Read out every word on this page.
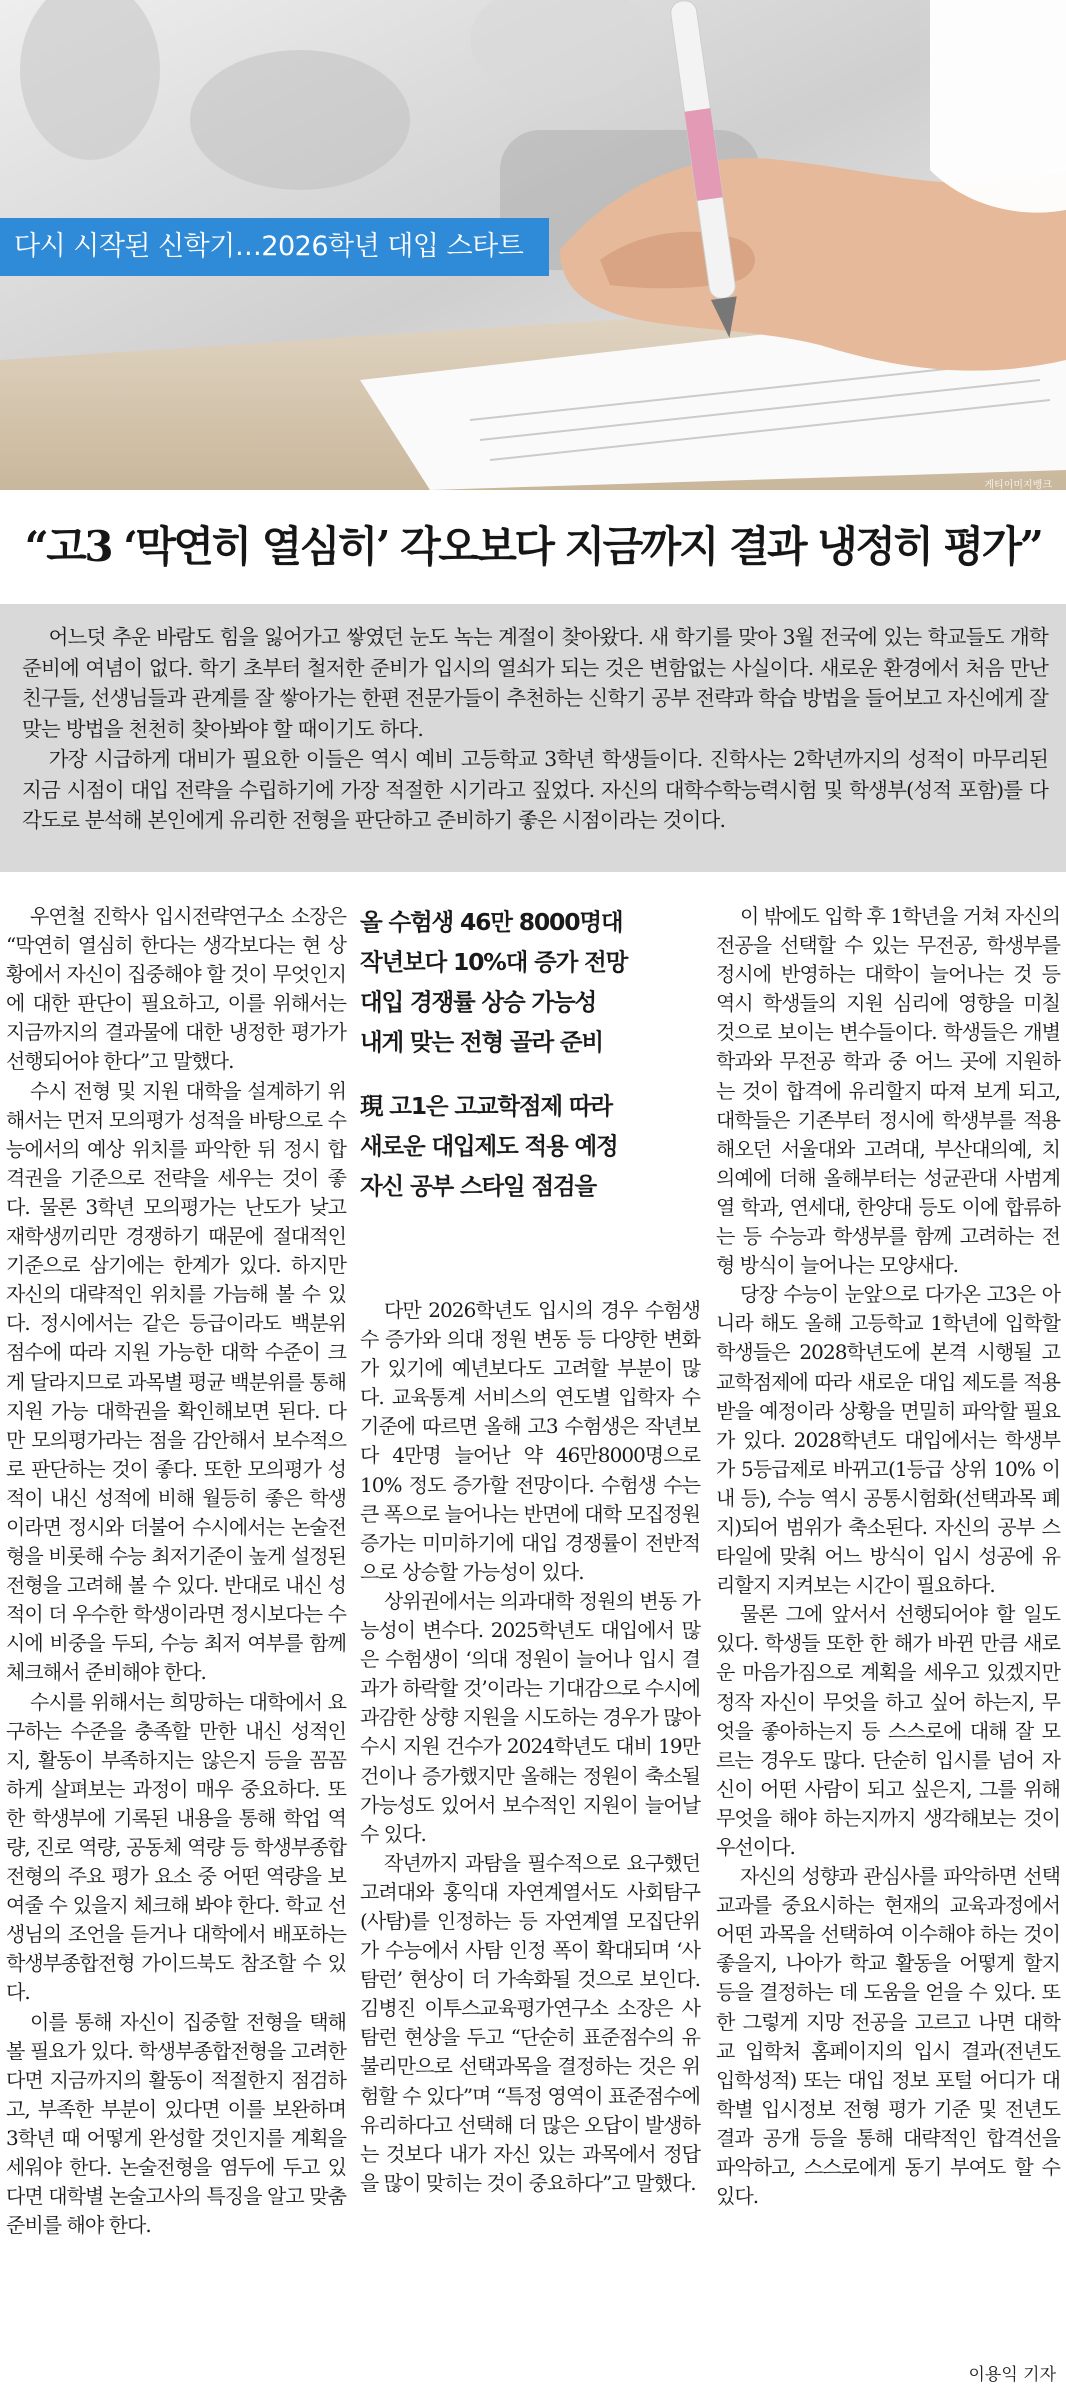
다시 시작된 신학기…2026학년 대입 스타트
게티이미지뱅크
“고3 ‘막연히 열심히’ 각오보다 지금까지 결과 냉정히 평가”

어느덧 추운 바람도 힘을 잃어가고 쌓였던 눈도 녹는 계절이 찾아왔다. 새 학기를 맞아 3월 전국에 있는 학교들도 개학 준비에 여념이 없다. 학기 초부터 철저한 준비가 입시의 열쇠가 되는 것은 변함없는 사실이다. 새로운 환경에서 처음 만난 친구들, 선생님들과 관계를 잘 쌓아가는 한편 전문가들이 추천하는 신학기 공부 전략과 학습 방법을 들어보고 자신에게 잘 맞는 방법을 천천히 찾아봐야 할 때이기도 하다.

가장 시급하게 대비가 필요한 이들은 역시 예비 고등학교 3학년 학생들이다. 진학사는 2학년까지의 성적이 마무리된 지금 시점이 대입 전략을 수립하기에 가장 적절한 시기라고 짚었다. 자신의 대학수학능력시험 및 학생부(성적 포함)를 다각도로 분석해 본인에게 유리한 전형을 판단하고 준비하기 좋은 시점이라는 것이다.

우연철 진학사 입시전략연구소 소장은 “막연히 열심히 한다는 생각보다는 현 상황에서 자신이 집중해야 할 것이 무엇인지에 대한 판단이 필요하고, 이를 위해서는 지금까지의 결과물에 대한 냉정한 평가가 선행되어야 한다”고 말했다.

수시 전형 및 지원 대학을 설계하기 위해서는 먼저 모의평가 성적을 바탕으로 수능에서의 예상 위치를 파악한 뒤 정시 합격권을 기준으로 전략을 세우는 것이 좋다. 물론 3학년 모의평가는 난도가 낮고 재학생끼리만 경쟁하기 때문에 절대적인 기준으로 삼기에는 한계가 있다. 하지만 자신의 대략적인 위치를 가늠해 볼 수 있다. 정시에서는 같은 등급이라도 백분위 점수에 따라 지원 가능한 대학 수준이 크게 달라지므로 과목별 평균 백분위를 통해 지원 가능 대학권을 확인해보면 된다. 다만 모의평가라는 점을 감안해서 보수적으로 판단하는 것이 좋다. 또한 모의평가 성적이 내신 성적에 비해 월등히 좋은 학생이라면 정시와 더불어 수시에서는 논술전형을 비롯해 수능 최저기준이 높게 설정된 전형을 고려해 볼 수 있다. 반대로 내신 성적이 더 우수한 학생이라면 정시보다는 수시에 비중을 두되, 수능 최저 여부를 함께 체크해서 준비해야 한다.

수시를 위해서는 희망하는 대학에서 요구하는 수준을 충족할 만한 내신 성적인지, 활동이 부족하지는 않은지 등을 꼼꼼하게 살펴보는 과정이 매우 중요하다. 또한 학생부에 기록된 내용을 통해 학업 역량, 진로 역량, 공동체 역량 등 학생부종합전형의 주요 평가 요소 중 어떤 역량을 보여줄 수 있을지 체크해 봐야 한다. 학교 선생님의 조언을 듣거나 대학에서 배포하는 학생부종합전형 가이드북도 참조할 수 있다.

이를 통해 자신이 집중할 전형을 택해 볼 필요가 있다. 학생부종합전형을 고려한다면 지금까지의 활동이 적절한지 점검하고, 부족한 부분이 있다면 이를 보완하며 3학년 때 어떻게 완성할 것인지를 계획을 세워야 한다. 논술전형을 염두에 두고 있다면 대학별 논술고사의 특징을 알고 맞춤 준비를 해야 한다.

올 수험생 46만 8000명대
작년보다 10%대 증가 전망
대입 경쟁률 상승 가능성
내게 맞는 전형 골라 준비
現 고1은 고교학점제 따라
새로운 대입제도 적용 예정
자신 공부 스타일 점검을

다만 2026학년도 입시의 경우 수험생 수 증가와 의대 정원 변동 등 다양한 변화가 있기에 예년보다도 고려할 부분이 많다. 교육통계 서비스의 연도별 입학자 수 기준에 따르면 올해 고3 수험생은 작년보다 4만명 늘어난 약 46만8000명으로 10% 정도 증가할 전망이다. 수험생 수는 큰 폭으로 늘어나는 반면에 대학 모집정원 증가는 미미하기에 대입 경쟁률이 전반적으로 상승할 가능성이 있다.

상위권에서는 의과대학 정원의 변동 가능성이 변수다. 2025학년도 대입에서 많은 수험생이 ‘의대 정원이 늘어나 입시 결과가 하락할 것’이라는 기대감으로 수시에 과감한 상향 지원을 시도하는 경우가 많아 수시 지원 건수가 2024학년도 대비 19만건이나 증가했지만 올해는 정원이 축소될 가능성도 있어서 보수적인 지원이 늘어날 수 있다.

작년까지 과탐을 필수적으로 요구했던 고려대와 홍익대 자연계열서도 사회탐구(사탐)를 인정하는 등 자연계열 모집단위가 수능에서 사탐 인정 폭이 확대되며 ‘사탐런’ 현상이 더 가속화될 것으로 보인다. 김병진 이투스교육평가연구소 소장은 사탐런 현상을 두고 “단순히 표준점수의 유불리만으로 선택과목을 결정하는 것은 위험할 수 있다”며 “특정 영역이 표준점수에 유리하다고 선택해 더 많은 오답이 발생하는 것보다 내가 자신 있는 과목에서 정답을 많이 맞히는 것이 중요하다”고 말했다.

이 밖에도 입학 후 1학년을 거쳐 자신의 전공을 선택할 수 있는 무전공, 학생부를 정시에 반영하는 대학이 늘어나는 것 등 역시 학생들의 지원 심리에 영향을 미칠 것으로 보이는 변수들이다. 학생들은 개별 학과와 무전공 학과 중 어느 곳에 지원하는 것이 합격에 유리할지 따져 보게 되고, 대학들은 기존부터 정시에 학생부를 적용해오던 서울대와 고려대, 부산대의예, 치의예에 더해 올해부터는 성균관대 사범계열 학과, 연세대, 한양대 등도 이에 합류하는 등 수능과 학생부를 함께 고려하는 전형 방식이 늘어나는 모양새다.

당장 수능이 눈앞으로 다가온 고3은 아니라 해도 올해 고등학교 1학년에 입학할 학생들은 2028학년도에 본격 시행될 고교학점제에 따라 새로운 대입 제도를 적용 받을 예정이라 상황을 면밀히 파악할 필요가 있다. 2028학년도 대입에서는 학생부가 5등급제로 바뀌고(1등급 상위 10% 이내 등), 수능 역시 공통시험화(선택과목 폐지)되어 범위가 축소된다. 자신의 공부 스타일에 맞춰 어느 방식이 입시 성공에 유리할지 지켜보는 시간이 필요하다.

물론 그에 앞서서 선행되어야 할 일도 있다. 학생들 또한 한 해가 바뀐 만큼 새로운 마음가짐으로 계획을 세우고 있겠지만 정작 자신이 무엇을 하고 싶어 하는지, 무엇을 좋아하는지 등 스스로에 대해 잘 모르는 경우도 많다. 단순히 입시를 넘어 자신이 어떤 사람이 되고 싶은지, 그를 위해 무엇을 해야 하는지까지 생각해보는 것이 우선이다.

자신의 성향과 관심사를 파악하면 선택 교과를 중요시하는 현재의 교육과정에서 어떤 과목을 선택하여 이수해야 하는 것이 좋을지, 나아가 학교 활동을 어떻게 할지 등을 결정하는 데 도움을 얻을 수 있다. 또한 그렇게 지망 전공을 고르고 나면 대학교 입학처 홈페이지의 입시 결과(전년도 입학성적) 또는 대입 정보 포털 어디가 대학별 입시정보 전형 평가 기준 및 전년도 결과 공개 등을 통해 대략적인 합격선을 파악하고, 스스로에게 동기 부여도 할 수 있다.

이용익 기자
